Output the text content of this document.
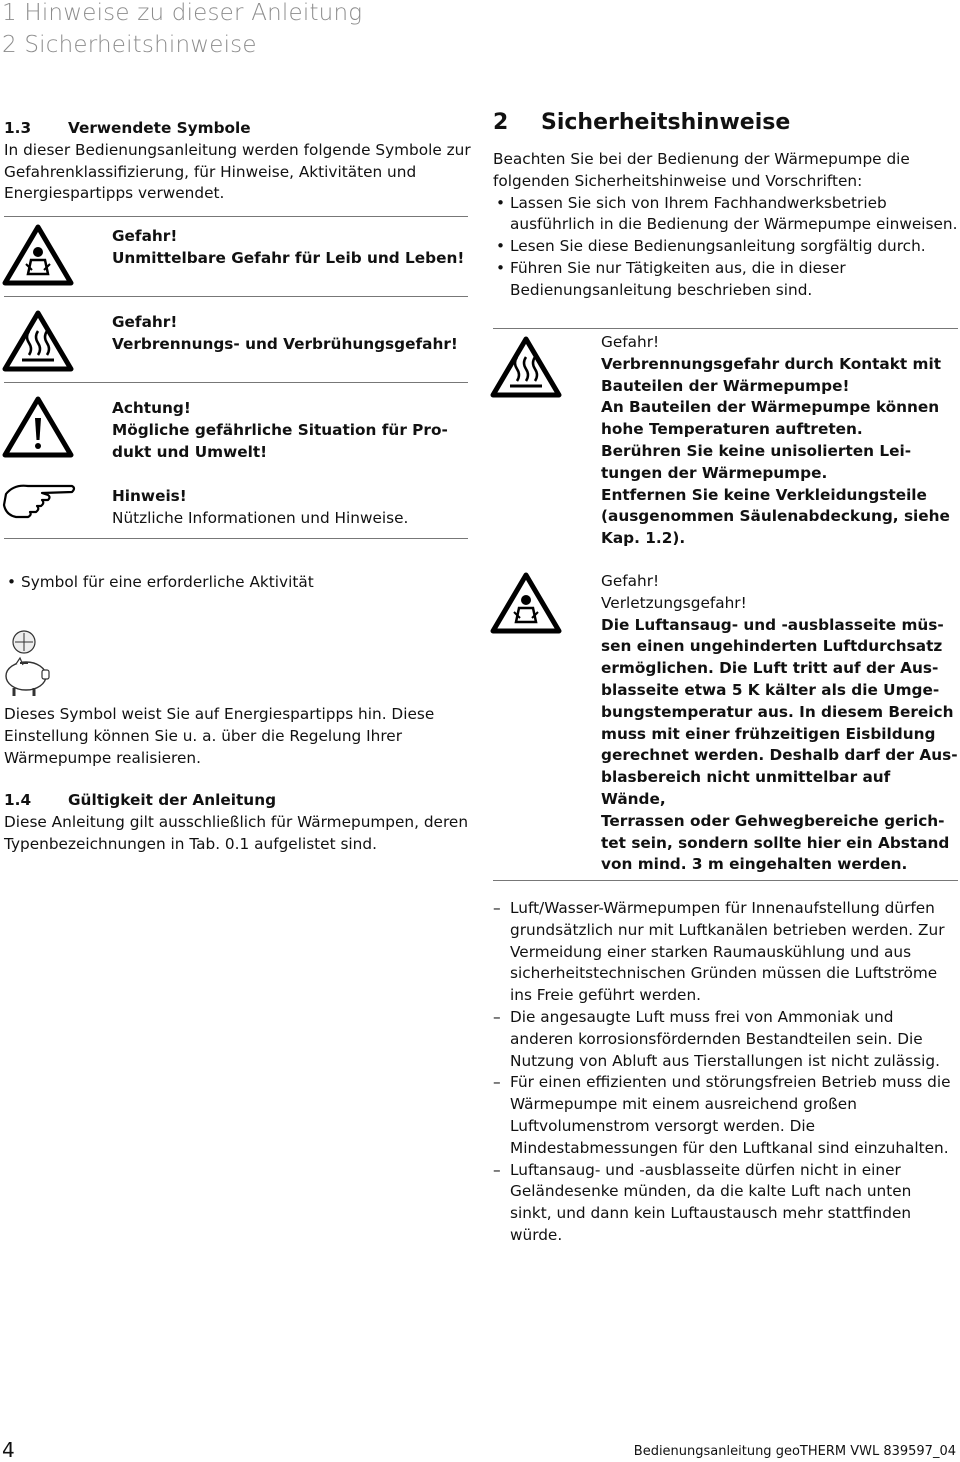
1 Hinweise zu dieser Anleitung
2 Sicherheitshinweise

1.3 Verwendete Symbole

In dieser Bedienungsanleitung werden folgende Symbole zur Gefahrenklassifizierung, für Hinweise, Aktivitäten und Energiespartipps verwendet.

Gefahr!
Unmittelbare Gefahr für Leib und Leben!
Gefahr!
Verbrennungs- und Verbrühungsgefahr!
Achtung!
Mögliche gefährliche Situation für Pro-
dukt und Umwelt!
Hinweis!
Nützliche Informationen und Hinweise.
• Symbol für eine erforderliche Aktivität

Dieses Symbol weist Sie auf Energiespartipps hin. Diese Einstellung können Sie u. a. über die Regelung Ihrer Wärmepumpe realisieren.

1.4 Gültigkeit der Anleitung

Diese Anleitung gilt ausschließlich für Wärmepumpen, deren Typenbezeichnungen in Tab. 0.1 aufgelistet sind.

2 Sicherheitshinweise

Beachten Sie bei der Bedienung der Wärmepumpe die folgenden Sicherheitshinweise und Vorschriften:

• Lassen Sie sich von Ihrem Fachhandwerksbetrieb ausführlich in die Bedienung der Wärmepumpe einweisen.
• Lesen Sie diese Bedienungsanleitung sorgfältig durch.
• Führen Sie nur Tätigkeiten aus, die in dieser Bedienungsanleitung beschrieben sind.
Gefahr!
Verbrennungsgefahr durch Kontakt mit
Bauteilen der Wärmepumpe!
An Bauteilen der Wärmepumpe können
hohe Temperaturen auftreten.
Berühren Sie keine unisolierten Lei-
tungen der Wärmepumpe.
Entfernen Sie keine Verkleidungsteile
(ausgenommen Säulenabdeckung, siehe
Kap. 1.2).
Gefahr!
Verletzungsgefahr!
Die Luftansaug- und -ausblasseite müs-
sen einen ungehinderten Luftdurchsatz
ermöglichen. Die Luft tritt auf der Aus-
blasseite etwa 5 K kälter als die Umge-
bungstemperatur aus. In diesem Bereich
muss mit einer frühzeitigen Eisbildung
gerechnet werden. Deshalb darf der Aus-
blasbereich nicht unmittelbar auf Wände,
Terrassen oder Gehwegbereiche gerich-
tet sein, sondern sollte hier ein Abstand
von mind. 3 m eingehalten werden.
– Luft/Wasser-Wärmepumpen für Innenaufstellung dürfen grundsätzlich nur mit Luftkanälen betrieben werden. Zur Vermeidung einer starken Raumauskühlung und aus sicherheitstechnischen Gründen müssen die Luftströme ins Freie geführt werden.
– Die angesaugte Luft muss frei von Ammoniak und anderen korrosionsfördernden Bestandteilen sein. Die Nutzung von Abluft aus Tierstallungen ist nicht zulässig.
– Für einen effizienten und störungsfreien Betrieb muss die Wärmepumpe mit einem ausreichend großen Luftvolumenstrom versorgt werden. Die Mindestabmessungen für den Luftkanal sind einzuhalten.
– Luftansaug- und -ausblasseite dürfen nicht in einer Geländesenke münden, da die kalte Luft nach unten sinkt, und dann kein Luftaustausch mehr stattfinden würde.
4	Bedienungsanleitung geoTHERM VWL 839597_04
